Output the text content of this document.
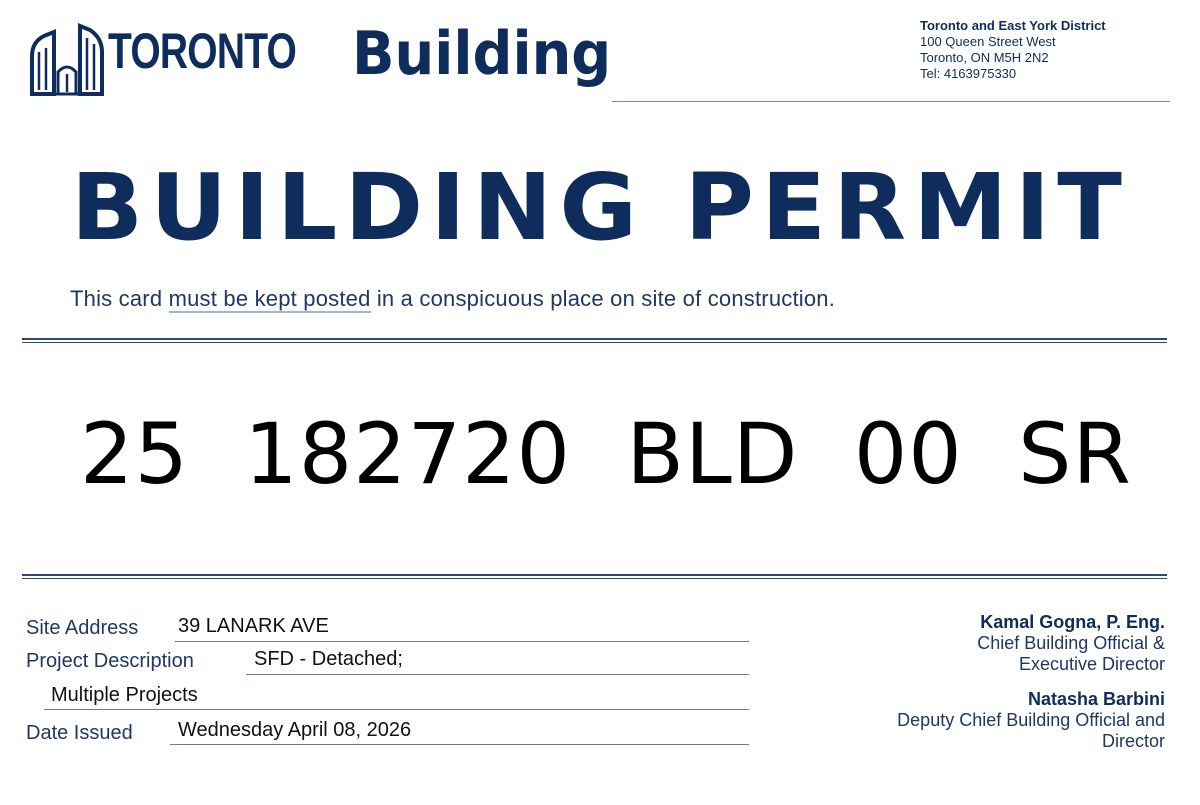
TORONTO Building	Toronto and East York District
100 Queen Street West
Toronto, ON M5H 2N2
Tel: 4163975330
BUILDING PERMIT
This card must be kept posted in a conspicuous place on site of construction.
25  182720  BLD  00  SR
Site Address 39 LANARK AVE
Project Description	SFD - Detached;
Multiple Projects
Date Issued Wednesday April 08, 2026
Kamal Gogna, P. Eng.
Chief Building Official &
Executive Director
Natasha Barbini
Deputy Chief Building Official and
Director
